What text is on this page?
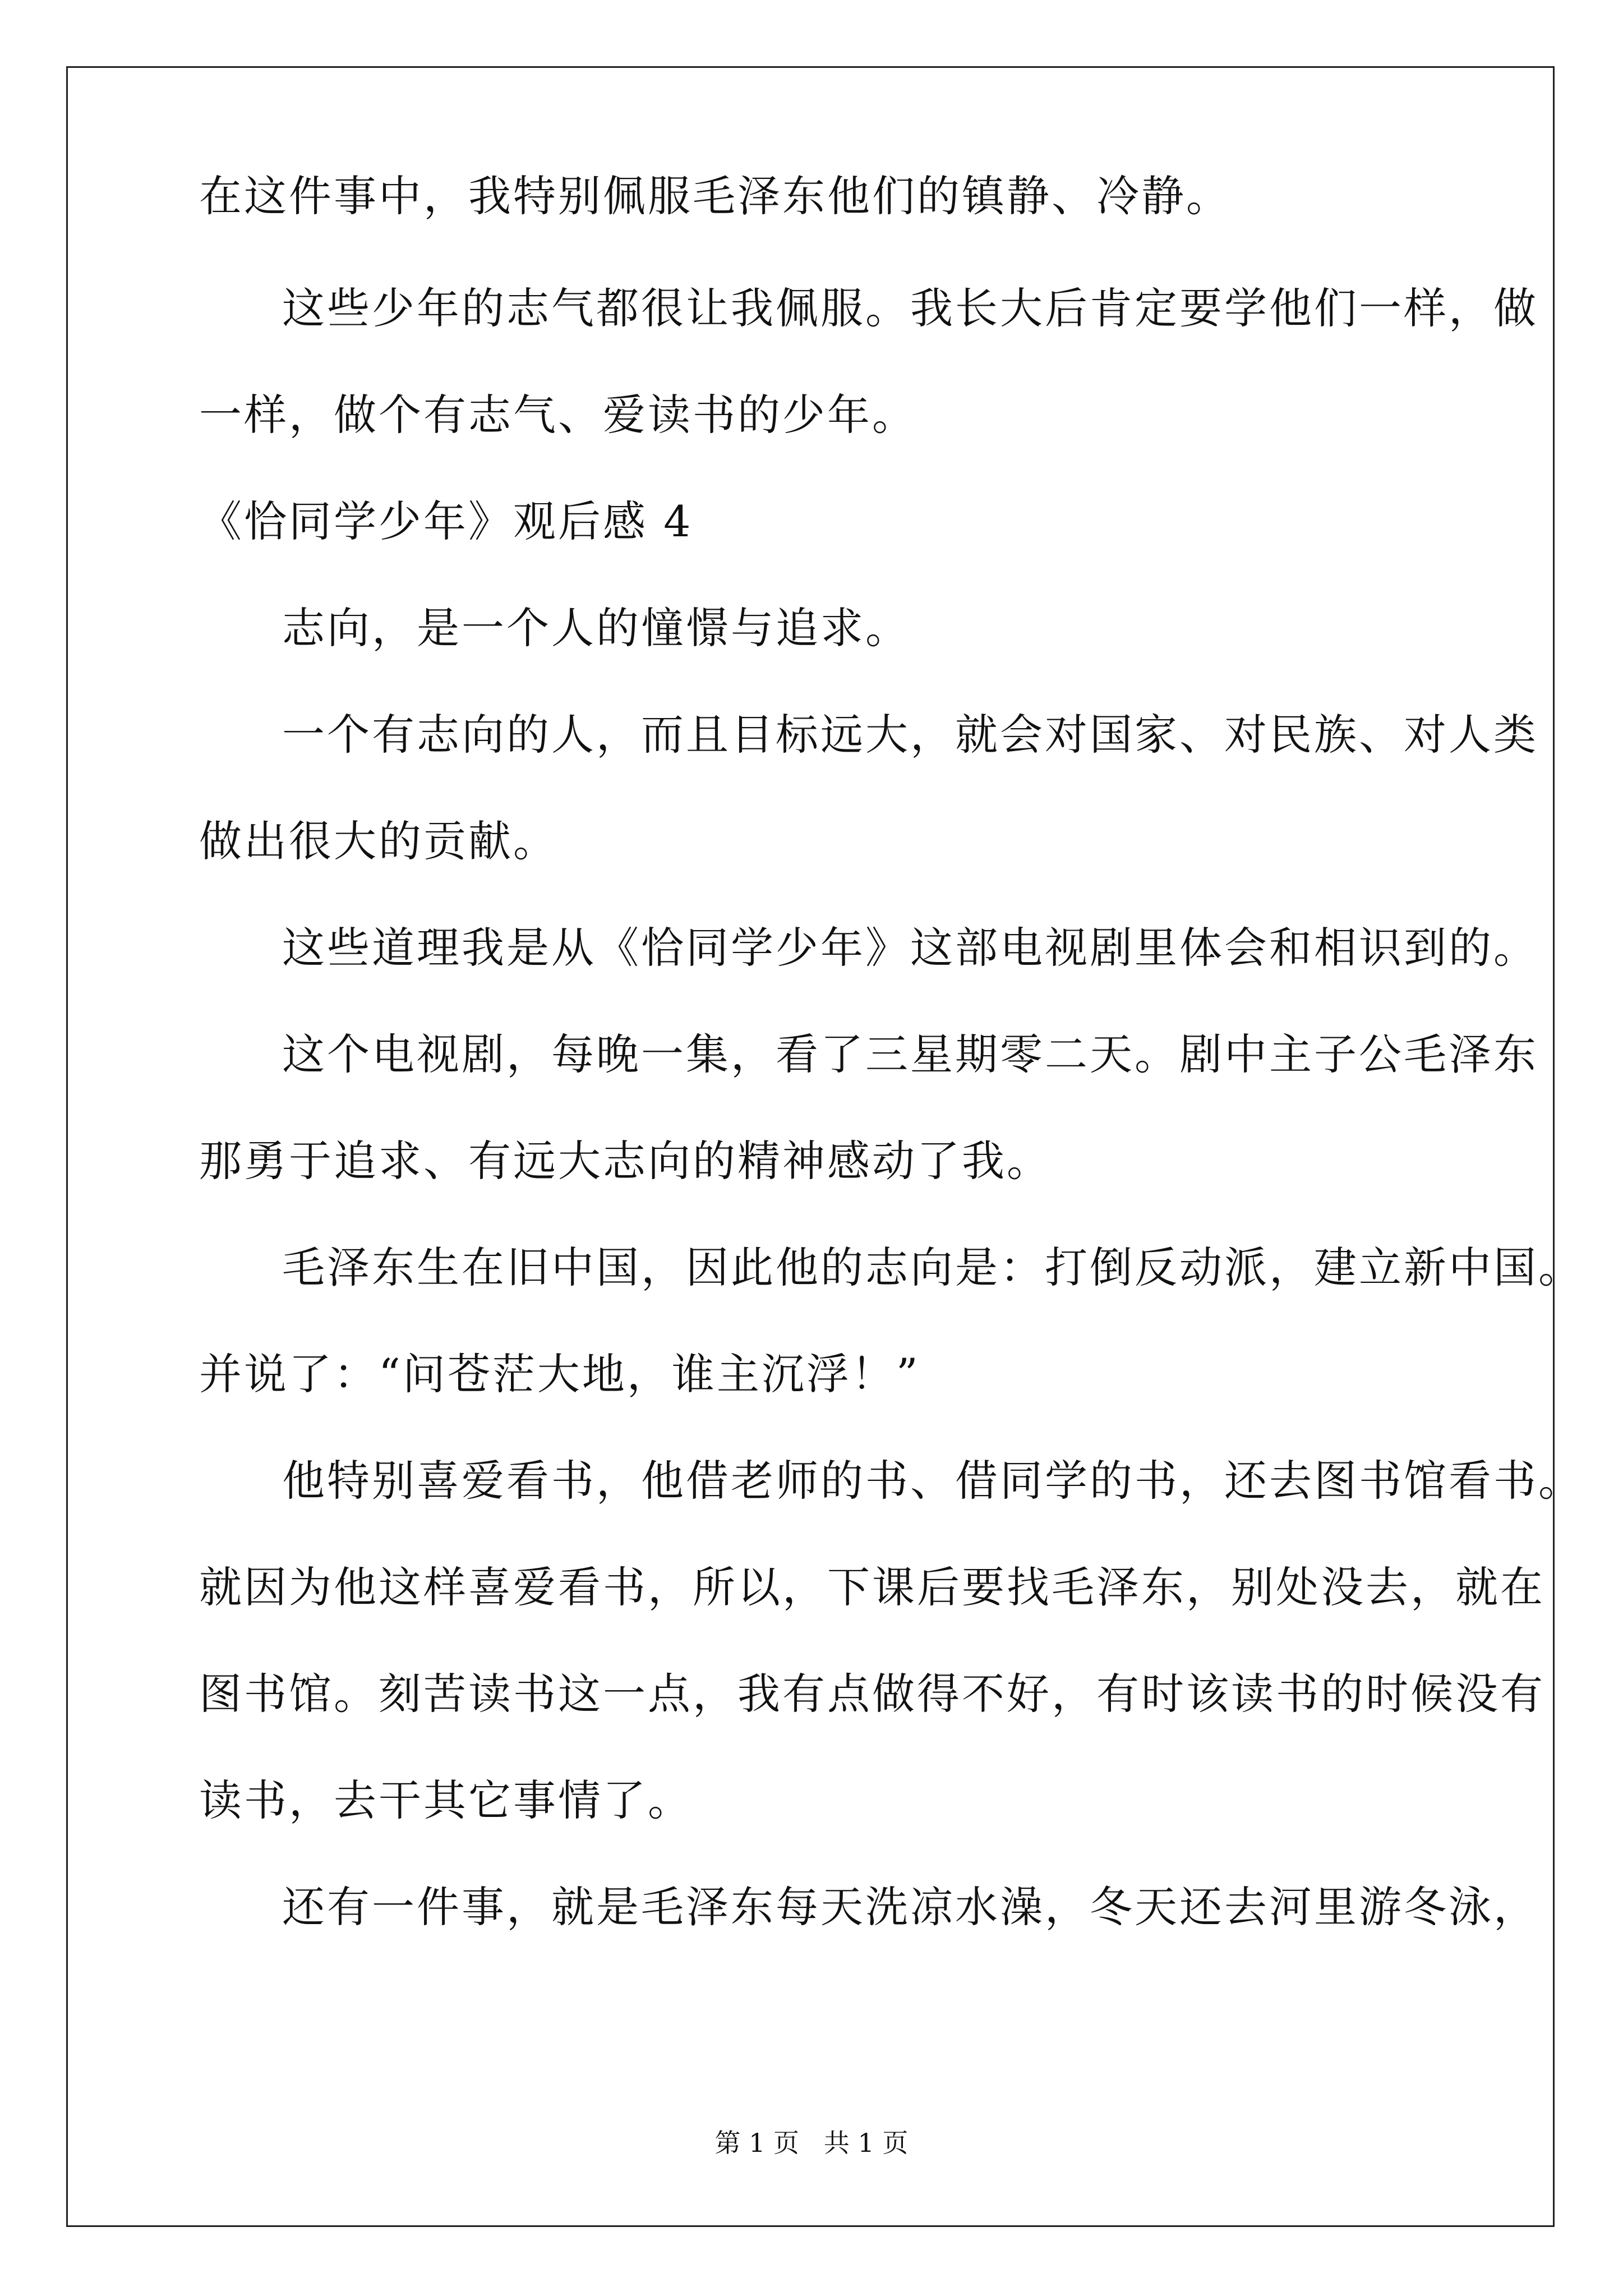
在这件事中，我特别佩服毛泽东他们的镇静、冷静。
这些少年的志气都很让我佩服。我长大后肯定要学他们一样，做
一样，做个有志气、爱读书的少年。
《恰同学少年》观后感 4
志向，是一个人的憧憬与追求。
一个有志向的人，而且目标远大，就会对国家、对民族、对人类
做出很大的贡献。
这些道理我是从《恰同学少年》这部电视剧里体会和相识到的。
这个电视剧，每晚一集，看了三星期零二天。剧中主子公毛泽东
那勇于追求、有远大志向的精神感动了我。
毛泽东生在旧中国，因此他的志向是：打倒反动派，建立新中国。
并说了：“问苍茫大地，谁主沉浮！”
他特别喜爱看书，他借老师的书、借同学的书，还去图书馆看书。
就因为他这样喜爱看书，所以，下课后要找毛泽东，别处没去，就在
图书馆。刻苦读书这一点，我有点做得不好，有时该读书的时候没有
读书，去干其它事情了。
还有一件事，就是毛泽东每天洗凉水澡，冬天还去河里游冬泳，
第 1 页   共 1 页
